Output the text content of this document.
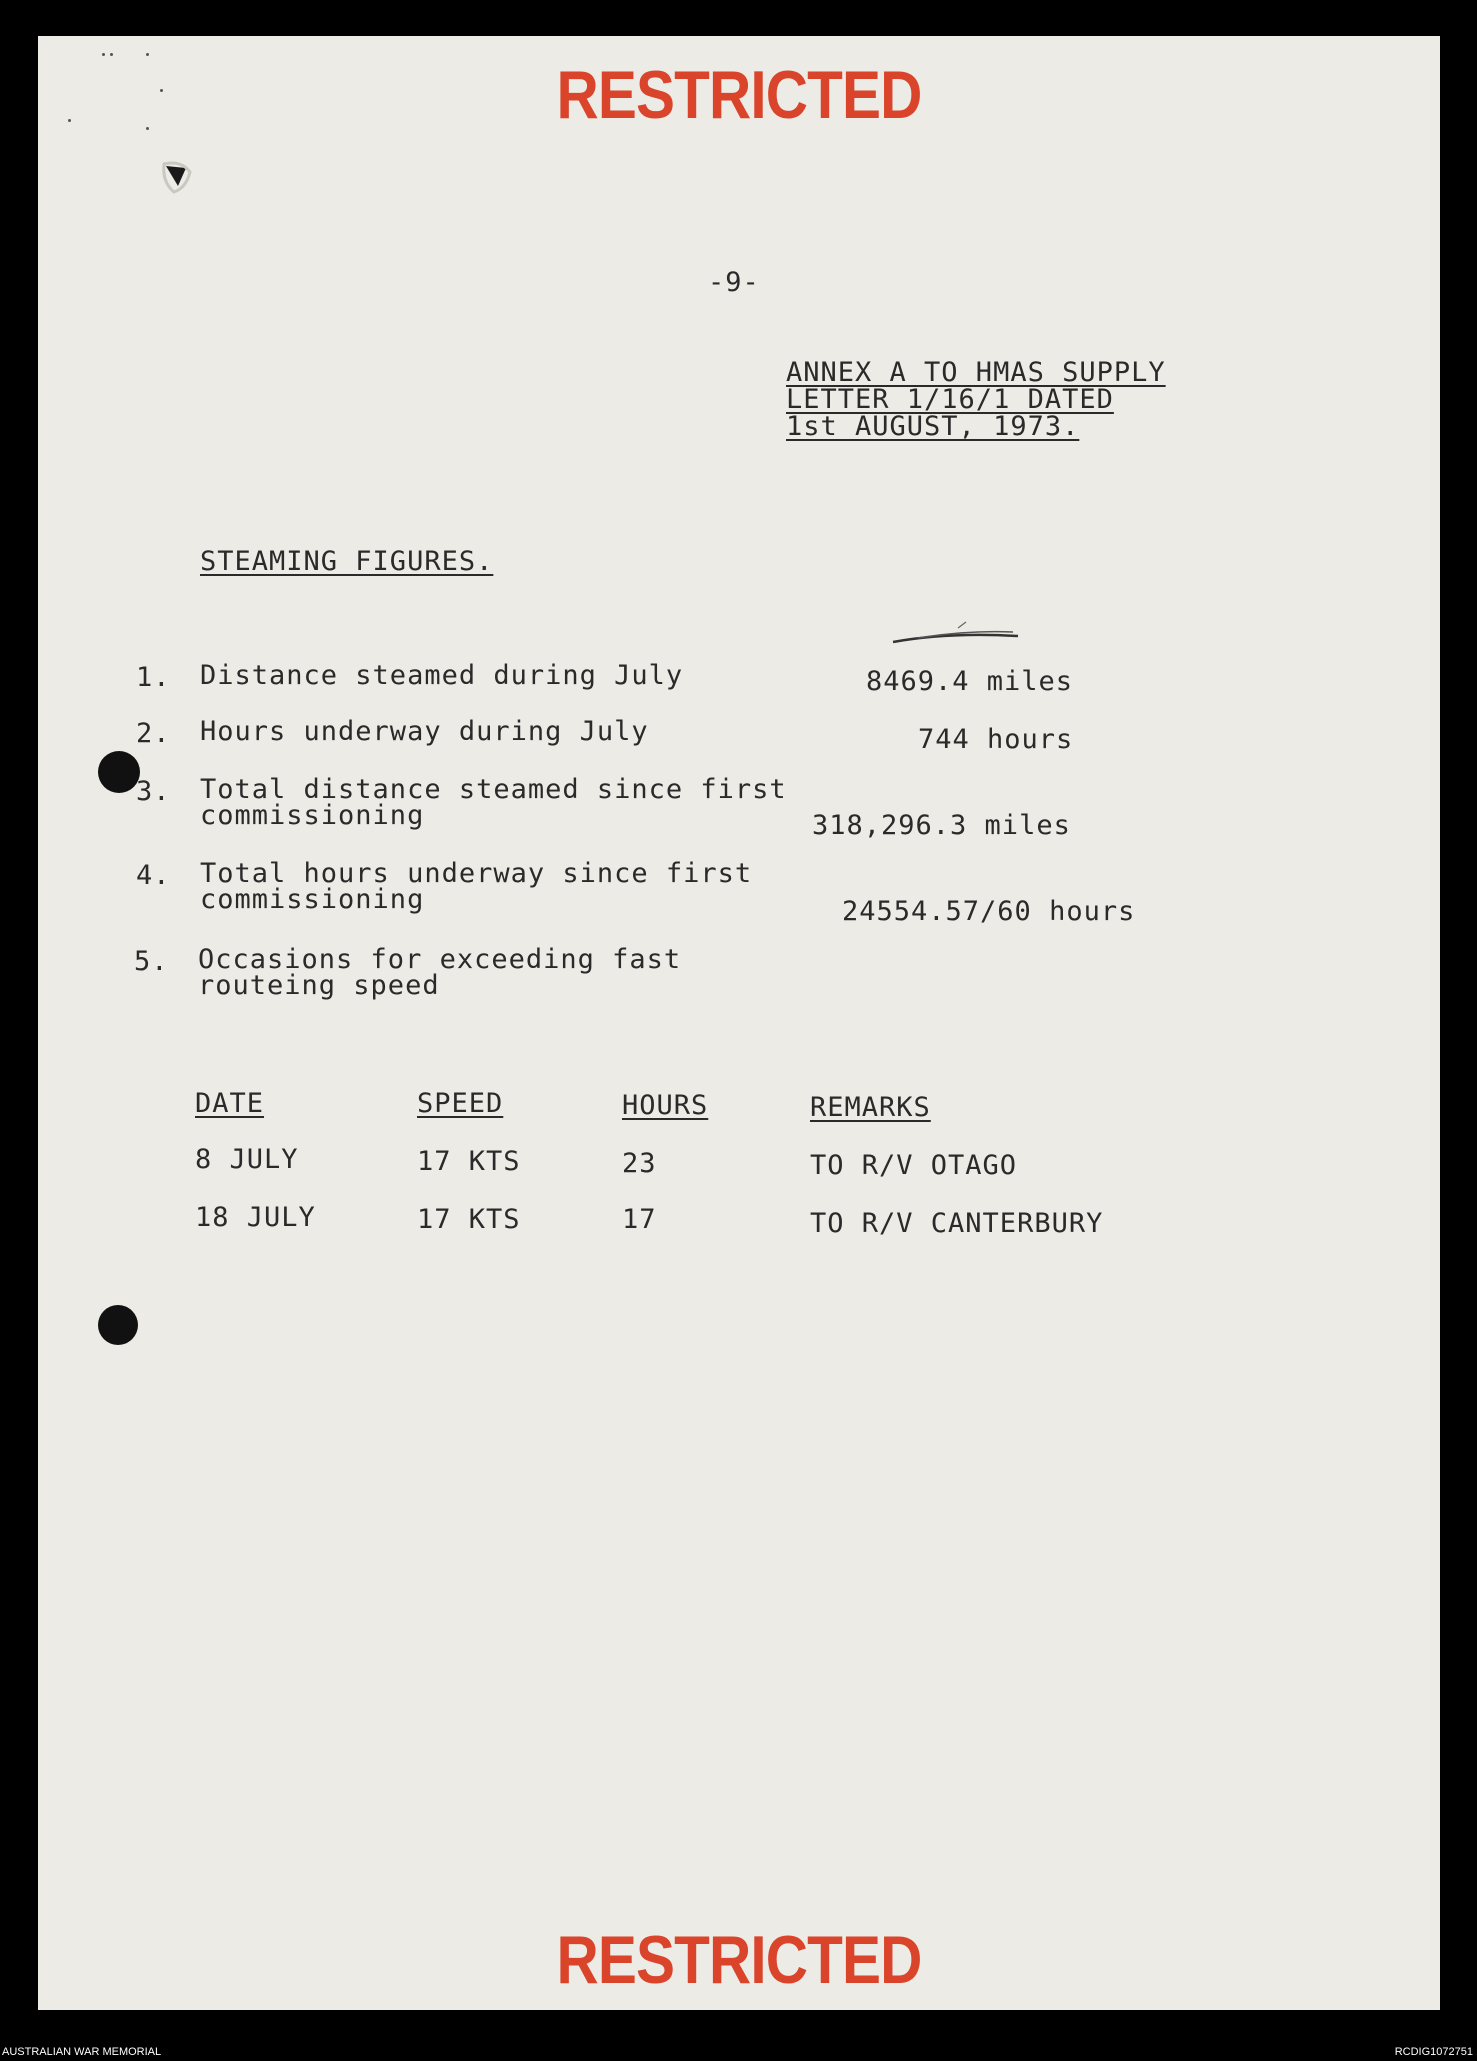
RESTRICTED
-9-
ANNEX A TO HMAS SUPPLY
LETTER 1/16/1 DATED
1st AUGUST, 1973.
STEAMING FIGURES.
1. Distance steamed during July	8469.4 miles
2. Hours underway during July	744 hours
3. Total distance steamed since first
commissioning	318,296.3 miles
4. Total hours underway since first
commissioning	24554.57/60 hours
5. Occasions for exceeding fast
routeing speed
DATE	SPEED	HOURS	REMARKS
8 JULY	17 KTS	23	TO R/V OTAGO
18 JULY	17 KTS	17	TO R/V CANTERBURY
RESTRICTED
AUSTRALIAN WAR MEMORIAL	RCDIG1072751
